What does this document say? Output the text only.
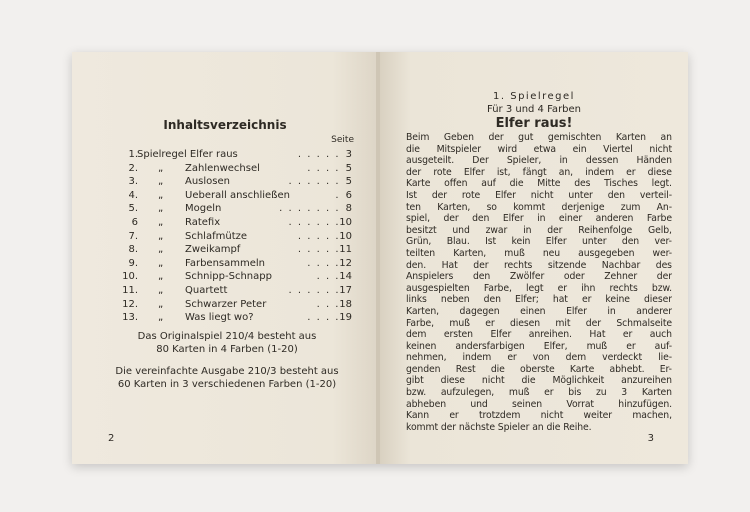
Inhaltsverzeichnis
Seite
1. Spielregel Elfer raus	. . . . . 3
2. „ Zahlenwechsel	. . . . 5
3. „ Auslosen	. . . . . . 5
4. „ Ueberall anschließen	. 6
5. „ Mogeln	. . . . . . . 8
6 „ Ratefix	. . . . . . 10
7. „ Schlafmütze	. . . . . 10
8. „ Zweikampf	. . . . . 11
9. „ Farbensammeln	. . . . 12
10. „ Schnipp-Schnapp	. . . 14
11. „ Quartett	. . . . . . 17
12. „ Schwarzer Peter	. . . 18
13. „ Was liegt wo?	. . . . 19
Das Originalspiel 210/4 besteht aus
80 Karten in 4 Farben (1-20)
Die vereinfachte Ausgabe 210/3 besteht aus
60 Karten in 3 verschiedenen Farben (1-20)
2
1. Spielregel
Für 3 und 4 Farben
Elfer raus!
Beim Geben der gut gemischten Karten an
die Mitspieler wird etwa ein Viertel nicht
ausgeteilt. Der Spieler, in dessen Händen
der rote Elfer ist, fängt an, indem er diese
Karte offen auf die Mitte des Tisches legt.
Ist der rote Elfer nicht unter den verteil-
ten Karten, so kommt derjenige zum An-
spiel, der den Elfer in einer anderen Farbe
besitzt und zwar in der Reihenfolge Gelb,
Grün, Blau. Ist kein Elfer unter den ver-
teilten Karten, muß neu ausgegeben wer-
den. Hat der rechts sitzende Nachbar des
Anspielers den Zwölfer oder Zehner der
ausgespielten Farbe, legt er ihn rechts bzw.
links neben den Elfer; hat er keine dieser
Karten, dagegen einen Elfer in anderer
Farbe, muß er diesen mit der Schmalseite
dem ersten Elfer anreihen. Hat er auch
keinen andersfarbigen Elfer, muß er auf-
nehmen, indem er von dem verdeckt lie-
genden Rest die oberste Karte abhebt. Er-
gibt diese nicht die Möglichkeit anzureihen
bzw. aufzulegen, muß er bis zu 3 Karten
abheben	und	seinen	Vorrat	hinzufügen.
Kann er trotzdem nicht weiter machen,
kommt der nächste Spieler an die Reihe.
3
